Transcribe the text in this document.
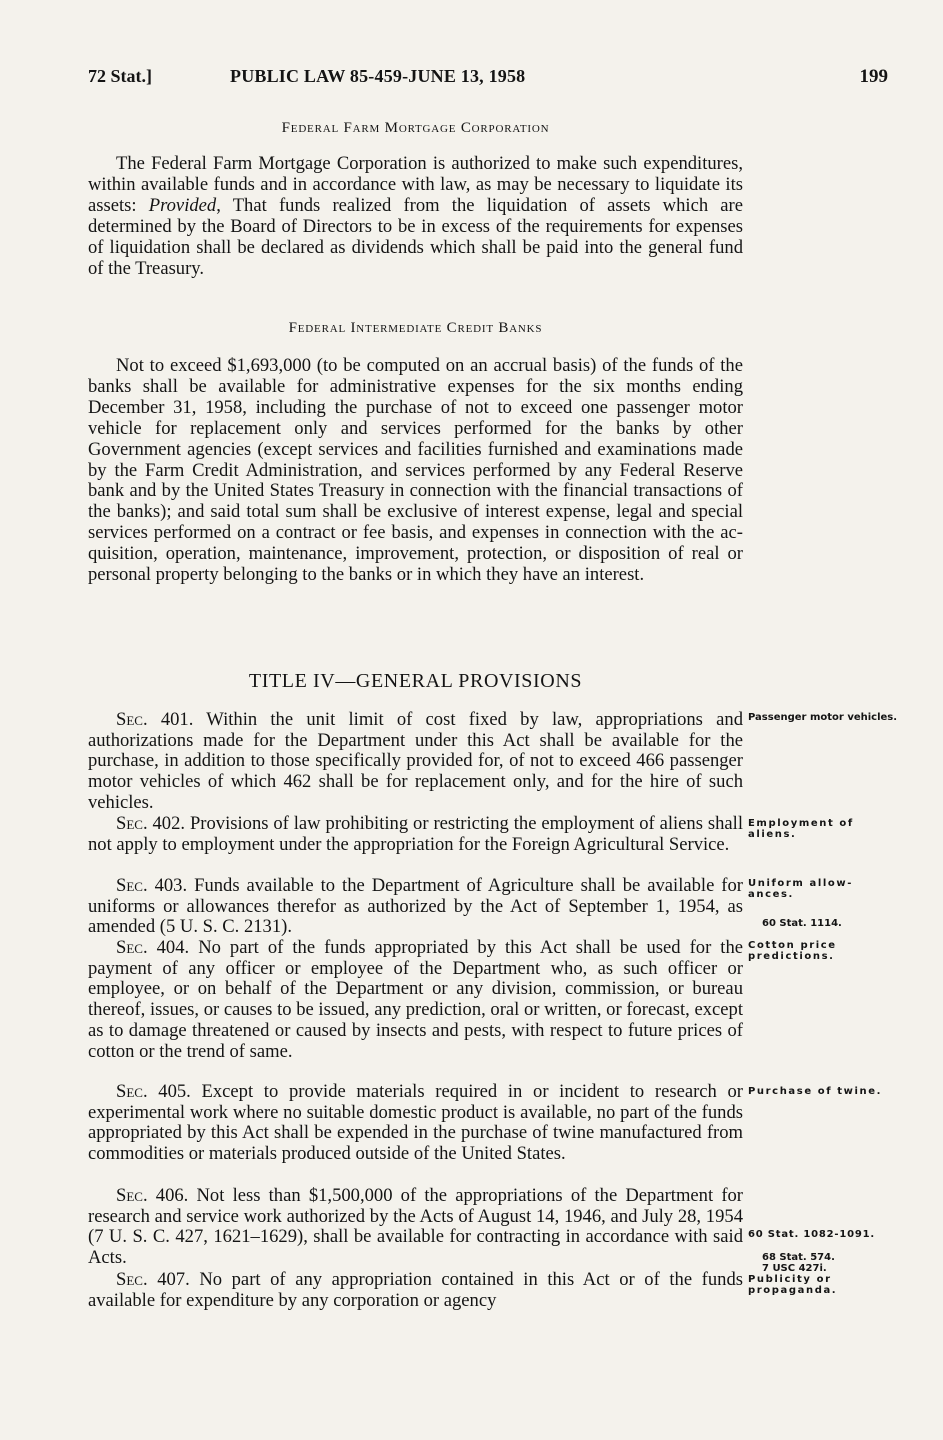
72 Stat.]	PUBLIC LAW 85-459-JUNE 13, 1958	199
Federal Farm Mortgage Corporation

The Federal Farm Mortgage Corporation is authorized to make such expenditures, within available funds and in accordance with law, as may be necessary to liquidate its assets: Provided, That funds realized from the liquidation of assets which are determined by the Board of Directors to be in excess of the requirements for expenses of liquidation shall be declared as dividends which shall be paid into the general fund of the Treasury.

Federal Intermediate Credit Banks

Not to exceed $1,693,000 (to be computed on an accrual basis) of the funds of the banks shall be available for administrative expenses for the six months ending December 31, 1958, including the purchase of not to exceed one passenger motor vehicle for replacement only and services performed for the banks by other Government agencies (except services and facilities furnished and examinations made by the Farm Credit Administration, and services performed by any Federal Reserve bank and by the United States Treasury in connection with the financial transactions of the banks); and said total sum shall be exclusive of interest expense, legal and special services performed on a contract or fee basis, and expenses in connection with the acquisition, operation, maintenance, improvement, protection, or disposition of real or personal property belonging to the banks or in which they have an interest.

TITLE IV—GENERAL PROVISIONS

Sec. 401. Within the unit limit of cost fixed by law, appropriations and authorizations made for the Department under this Act shall be available for the purchase, in addition to those specifically provided for, of not to exceed 466 passenger motor vehicles of which 462 shall be for replacement only, and for the hire of such vehicles.

Sec. 402. Provisions of law prohibiting or restricting the employment of aliens shall not apply to employment under the appropriation for the Foreign Agricultural Service.

Sec. 403. Funds available to the Department of Agriculture shall be available for uniforms or allowances therefor as authorized by the Act of September 1, 1954, as amended (5 U. S. C. 2131).

Sec. 404. No part of the funds appropriated by this Act shall be used for the payment of any officer or employee of the Department who, as such officer or employee, or on behalf of the Department or any division, commission, or bureau thereof, issues, or causes to be issued, any prediction, oral or written, or forecast, except as to damage threatened or caused by insects and pests, with respect to future prices of cotton or the trend of same.

Sec. 405. Except to provide materials required in or incident to research or experimental work where no suitable domestic product is available, no part of the funds appropriated by this Act shall be expended in the purchase of twine manufactured from commodities or materials produced outside of the United States.

Sec. 406. Not less than $1,500,000 of the appropriations of the Department for research and service work authorized by the Acts of August 14, 1946, and July 28, 1954 (7 U. S. C. 427, 1621–1629), shall be available for contracting in accordance with said Acts.

Sec. 407. No part of any appropriation contained in this Act or of the funds available for expenditure by any corporation or agency

Passenger motor vehicles.
Employment of aliens.
Uniform allow-ances.
60 Stat. 1114.
Cotton price predictions.
Purchase of twine.
60 Stat. 1082-1091.
68 Stat. 574.
7 USC 427i.
Publicity or propaganda.
